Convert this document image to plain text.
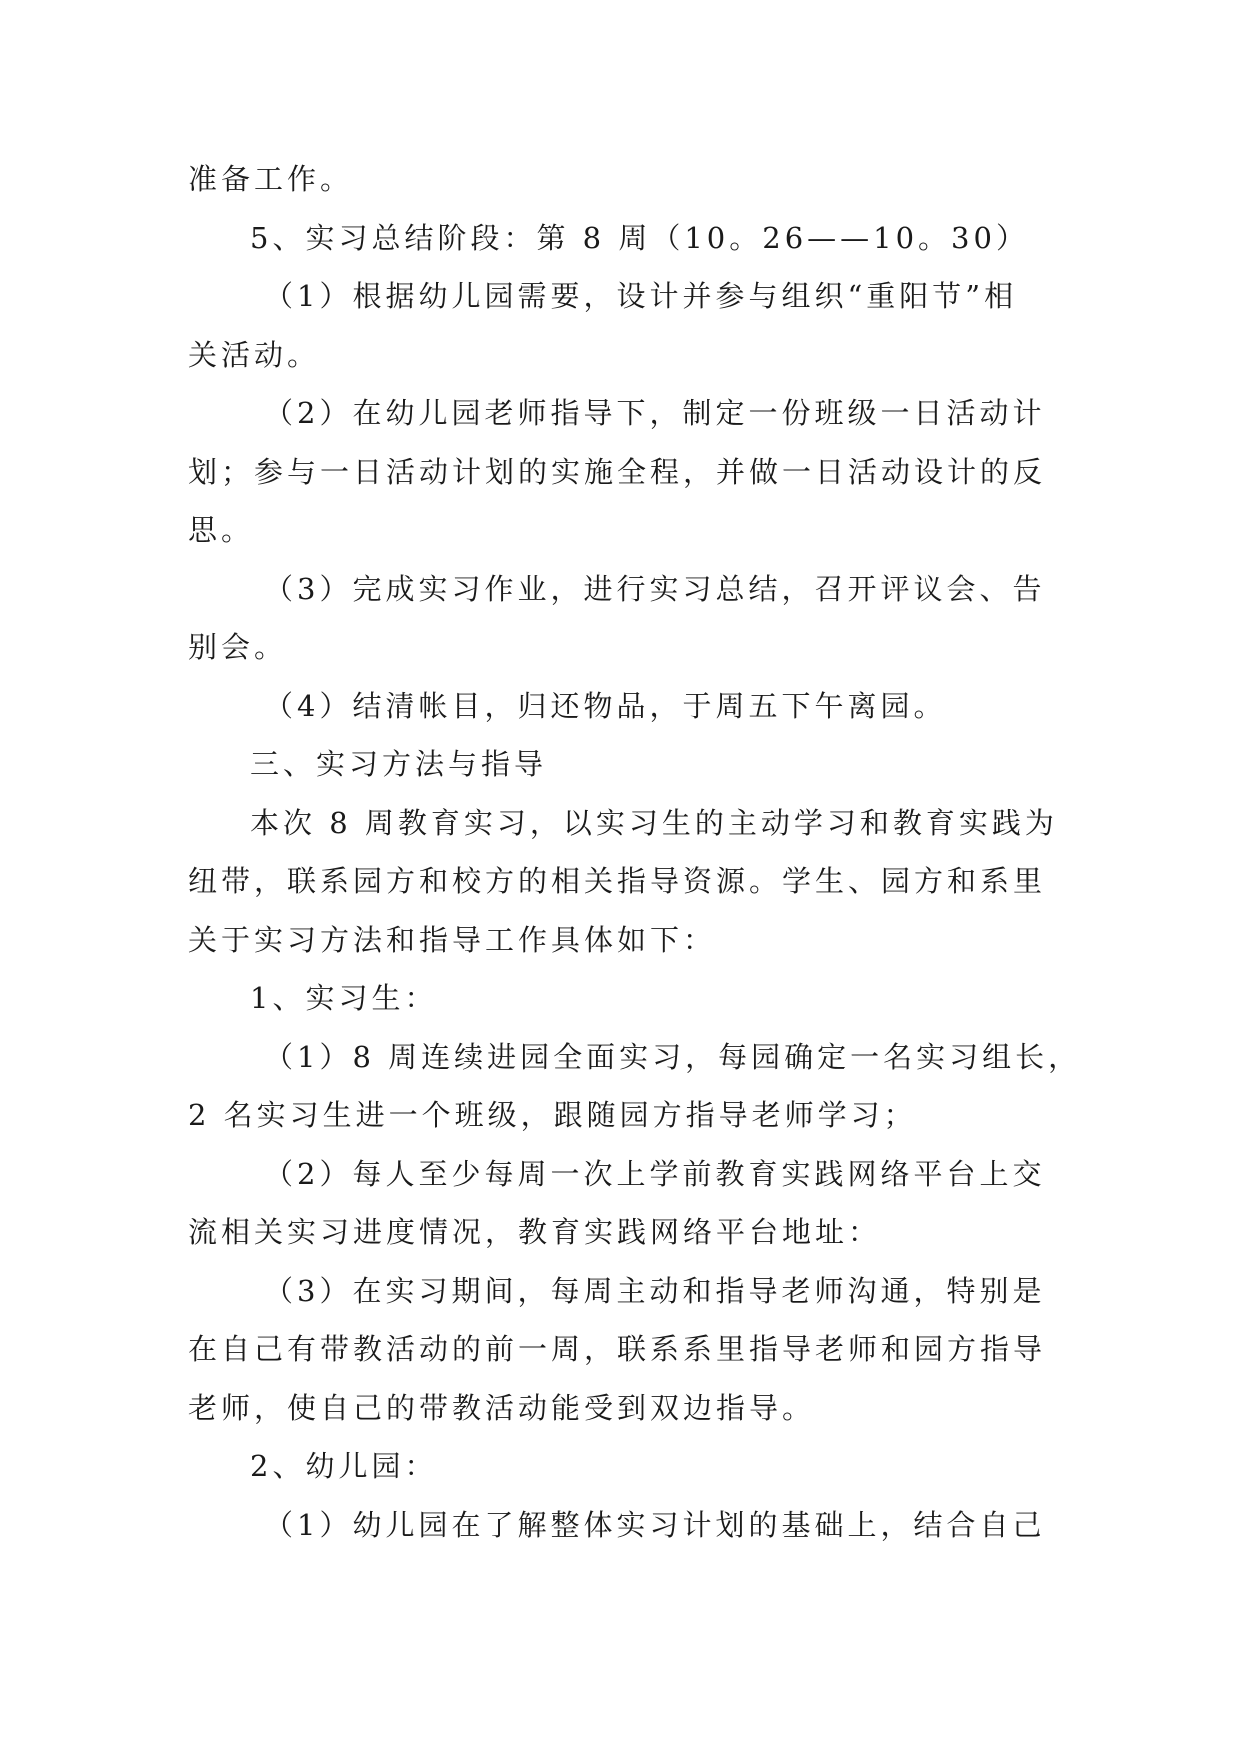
准备工作。
5、实习总结阶段：第 8 周（10。26——10。30）
（1）根据幼儿园需要，设计并参与组织“重阳节”相
关活动。
（2）在幼儿园老师指导下，制定一份班级一日活动计
划；参与一日活动计划的实施全程，并做一日活动设计的反
思。
（3）完成实习作业，进行实习总结，召开评议会、告
别会。
（4）结清帐目，归还物品，于周五下午离园。
三、实习方法与指导
本次 8 周教育实习，以实习生的主动学习和教育实践为
纽带，联系园方和校方的相关指导资源。学生、园方和系里
关于实习方法和指导工作具体如下：
1、实习生：
（1）8 周连续进园全面实习，每园确定一名实习组长，
2 名实习生进一个班级，跟随园方指导老师学习；
（2）每人至少每周一次上学前教育实践网络平台上交
流相关实习进度情况，教育实践网络平台地址：
（3）在实习期间，每周主动和指导老师沟通，特别是
在自己有带教活动的前一周，联系系里指导老师和园方指导
老师，使自己的带教活动能受到双边指导。
2、幼儿园：
（1）幼儿园在了解整体实习计划的基础上，结合自己
